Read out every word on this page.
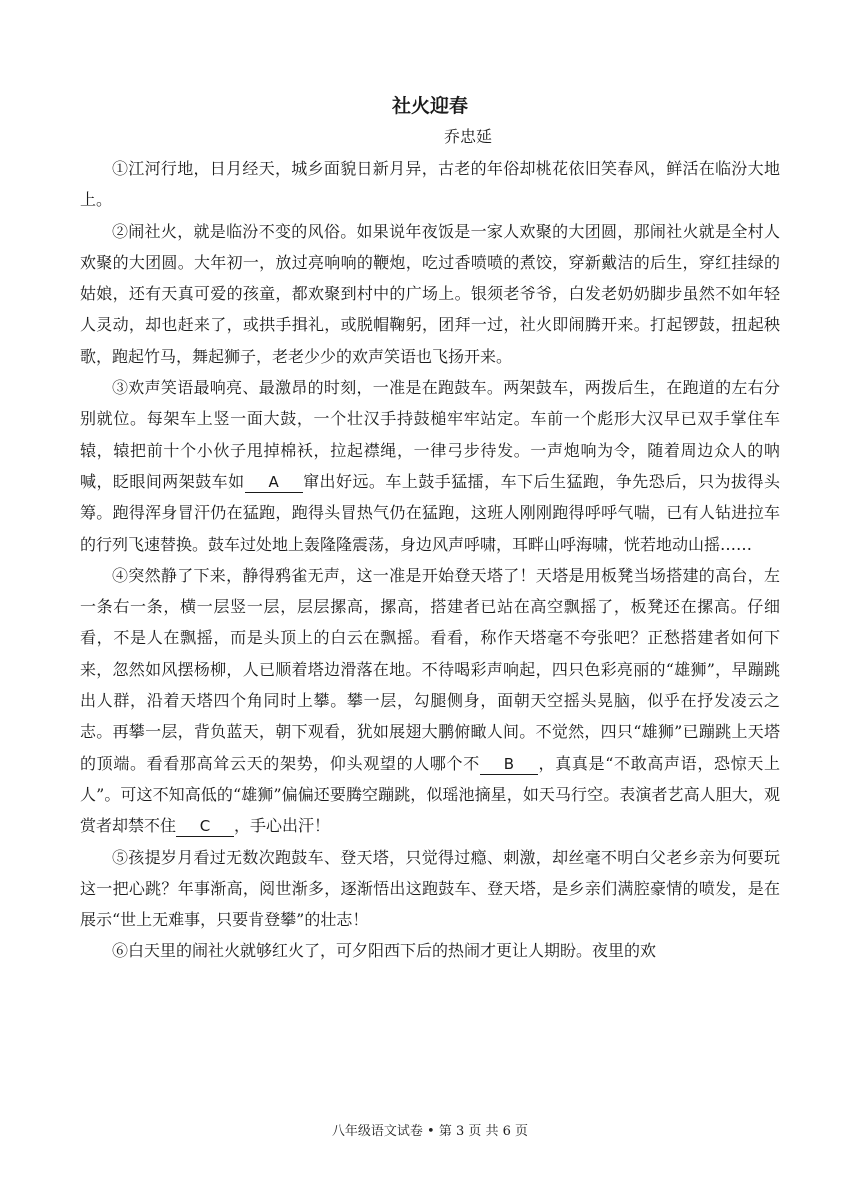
社火迎春
乔忠延

①江河行地，日月经天，城乡面貌日新月异，古老的年俗却桃花依旧笑春风，鲜活在临汾大地上。

②闹社火，就是临汾不变的风俗。如果说年夜饭是一家人欢聚的大团圆，那闹社火就是全村人欢聚的大团圆。大年初一，放过亮响响的鞭炮，吃过香喷喷的煮饺，穿新戴洁的后生，穿红挂绿的姑娘，还有天真可爱的孩童，都欢聚到村中的广场上。银须老爷爷，白发老奶奶脚步虽然不如年轻人灵动，却也赶来了，或拱手揖礼，或脱帽鞠躬，团拜一过，社火即闹腾开来。打起锣鼓，扭起秧歌，跑起竹马，舞起狮子，老老少少的欢声笑语也飞扬开来。

③欢声笑语最响亮、最激昂的时刻，一准是在跑鼓车。两架鼓车，两拨后生，在跑道的左右分别就位。每架车上竖一面大鼓，一个壮汉手持鼓槌牢牢站定。车前一个彪形大汉早已双手掌住车辕，辕把前十个小伙子甩掉棉袄，拉起襟绳，一律弓步待发。一声炮响为令，随着周边众人的呐喊，眨眼间两架鼓车如 A 窜出好远。车上鼓手猛擂，车下后生猛跑，争先恐后，只为拔得头筹。跑得浑身冒汗仍在猛跑，跑得头冒热气仍在猛跑，这班人刚刚跑得呼呼气喘，已有人钻进拉车的行列飞速替换。鼓车过处地上轰隆隆震荡，身边风声呼啸，耳畔山呼海啸，恍若地动山摇……

④突然静了下来，静得鸦雀无声，这一准是开始登天塔了！天塔是用板凳当场搭建的高台，左一条右一条，横一层竖一层，层层摞高，摞高，搭建者已站在高空飘摇了，板凳还在摞高。仔细看，不是人在飘摇，而是头顶上的白云在飘摇。看看，称作天塔毫不夸张吧？正愁搭建者如何下来，忽然如风摆杨柳，人已顺着塔边滑落在地。不待喝彩声响起，四只色彩亮丽的“雄狮”，早蹦跳出人群，沿着天塔四个角同时上攀。攀一层，勾腿侧身，面朝天空摇头晃脑，似乎在抒发凌云之志。再攀一层，背负蓝天，朝下观看，犹如展翅大鹏俯瞰人间。不觉然，四只“雄狮”已蹦跳上天塔的顶端。看看那高耸云天的架势，仰头观望的人哪个不 B ，真真是“不敢高声语，恐惊天上人”。可这不知高低的“雄狮”偏偏还要腾空蹦跳，似瑶池摘星，如天马行空。表演者艺高人胆大，观赏者却禁不住 C ，手心出汗！

⑤孩提岁月看过无数次跑鼓车、登天塔，只觉得过瘾、刺激，却丝毫不明白父老乡亲为何要玩这一把心跳？年事渐高，阅世渐多，逐渐悟出这跑鼓车、登天塔，是乡亲们满腔豪情的喷发，是在展示“世上无难事，只要肯登攀”的壮志！

⑥白天里的闹社火就够红火了，可夕阳西下后的热闹才更让人期盼。夜里的欢

八年级语文试卷 • 第 3 页 共 6 页
